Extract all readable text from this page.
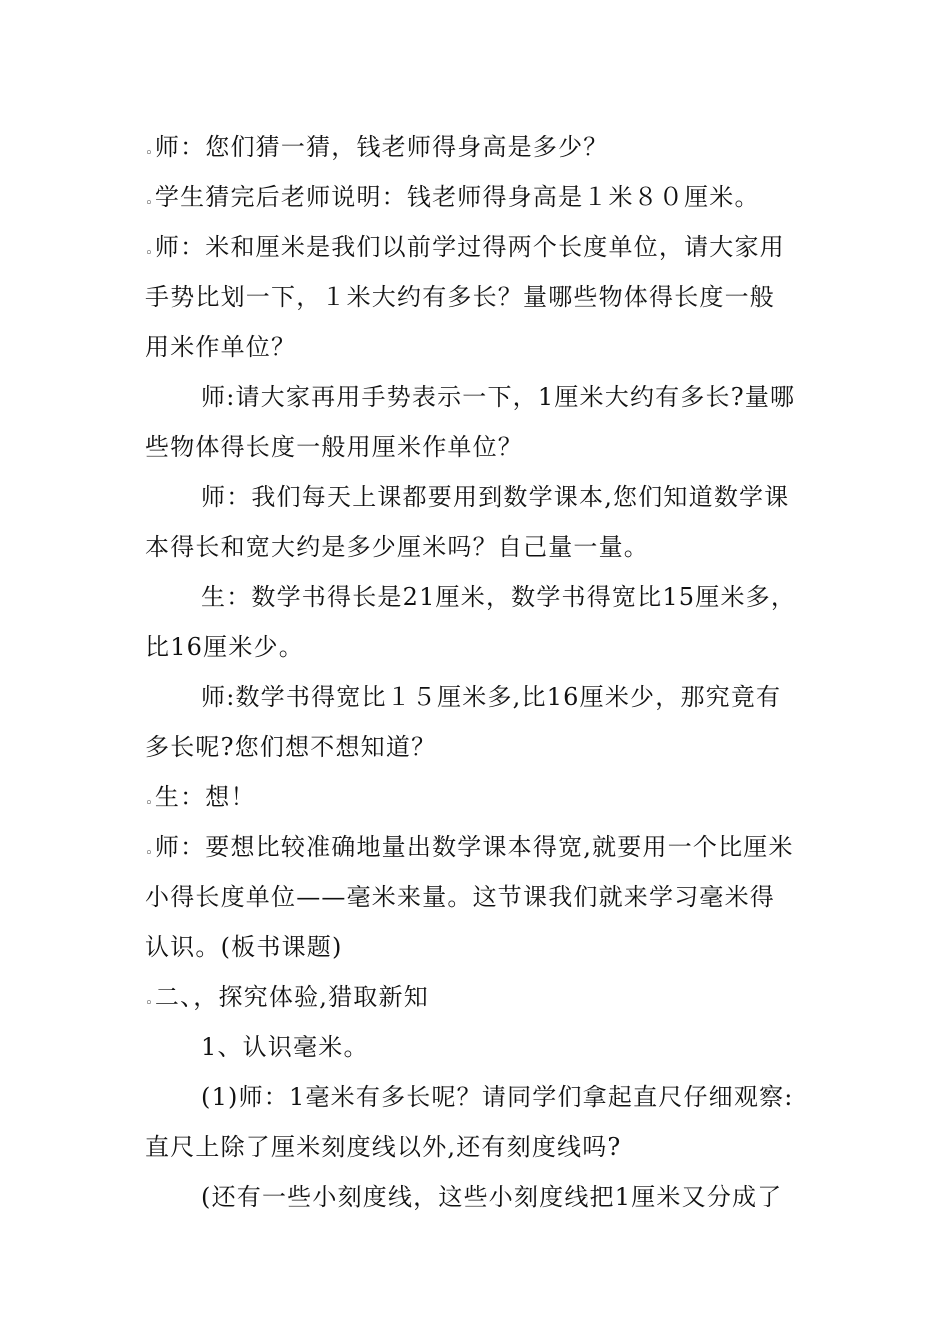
◦师：您们猜一猜，钱老师得身高是多少？
◦学生猜完后老师说明：钱老师得身高是１米８０厘米。
◦师：米和厘米是我们以前学过得两个长度单位，请大家用
手势比划一下，１米大约有多长？量哪些物体得长度一般
用米作单位？
师:请大家再用手势表示一下，1厘米大约有多长?量哪
些物体得长度一般用厘米作单位？
师：我们每天上课都要用到数学课本,您们知道数学课
本得长和宽大约是多少厘米吗？自己量一量。
生：数学书得长是21厘米，数学书得宽比15厘米多，
比16厘米少。
师:数学书得宽比１５厘米多,比16厘米少，那究竟有
多长呢?您们想不想知道？
◦生：想！
◦师：要想比较准确地量出数学课本得宽,就要用一个比厘米
小得长度单位——毫米来量。这节课我们就来学习毫米得
认识。(板书课题)
◦二、，探究体验,猎取新知
1、认识毫米。
(1)师：1毫米有多长呢？请同学们拿起直尺仔细观察:
直尺上除了厘米刻度线以外,还有刻度线吗?
(还有一些小刻度线，这些小刻度线把1厘米又分成了
